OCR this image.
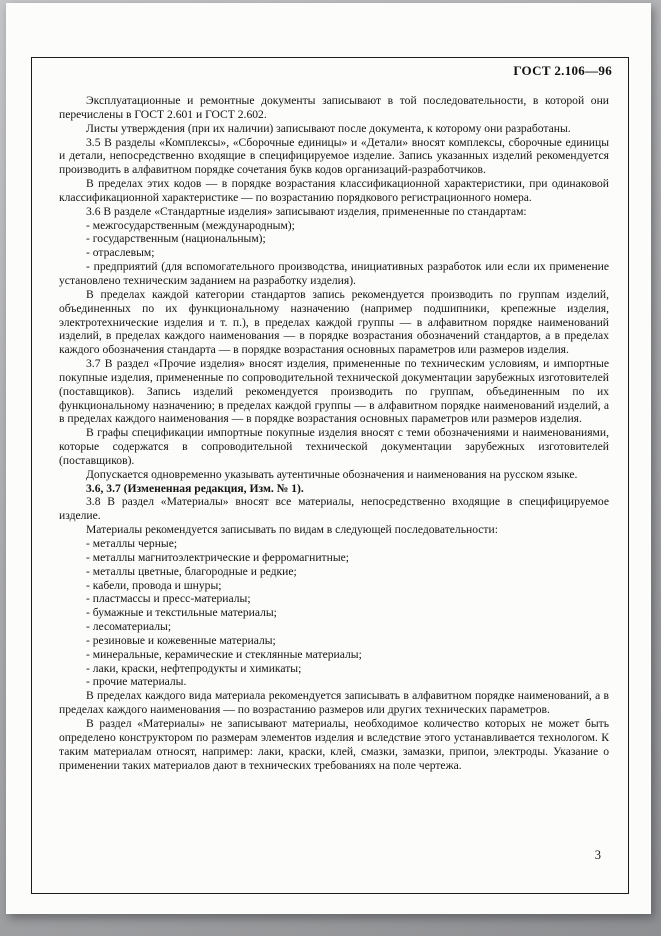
ГОСТ 2.106—96

Эксплуатационные и ремонтные документы записывают в той последовательности, в которой они перечислены в ГОСТ 2.601 и ГОСТ 2.602.

Листы утверждения (при их наличии) записывают после документа, к которому они разработаны.

3.5 В разделы «Комплексы», «Сборочные единицы» и «Детали» вносят комплексы, сборочные единицы и детали, непосредственно входящие в специфицируемое изделие. Запись указанных изделий рекомендуется производить в алфавитном порядке сочетания букв кодов организаций-разработчиков.

В пределах этих кодов — в порядке возрастания классификационной характеристики, при одинаковой классификационной характеристике — по возрастанию порядкового регистрационного номера.

3.6 В разделе «Стандартные изделия» записывают изделия, примененные по стандартам:

- межгосударственным (международным);

- государственным (национальным);

- отраслевым;

- предприятий (для вспомогательного производства, инициативных разработок или если их применение установлено техническим заданием на разработку изделия).

В пределах каждой категории стандартов запись рекомендуется производить по группам изделий, объединенных по их функциональному назначению (например подшипники, крепежные изделия, электротехнические изделия и т. п.), в пределах каждой группы — в алфавитном порядке наименований изделий, в пределах каждого наименования — в порядке возрастания обозначений стандартов, а в пределах каждого обозначения стандарта — в порядке возрастания основных параметров или размеров изделия.

3.7 В раздел «Прочие изделия» вносят изделия, примененные по техническим условиям, и импортные покупные изделия, примененные по сопроводительной технической документации зарубежных изготовителей (поставщиков). Запись изделий рекомендуется производить по группам, объединенным по их функциональному назначению; в пределах каждой группы — в алфавитном порядке наименований изделий, а в пределах каждого наименования — в порядке возрастания основных параметров или размеров изделия.

В графы спецификации импортные покупные изделия вносят с теми обозначениями и наименованиями, которые содержатся в сопроводительной технической документации зарубежных изготовителей (поставщиков).

Допускается одновременно указывать аутентичные обозначения и наименования на русском языке.

3.6, 3.7 (Измененная редакция, Изм. № 1).

3.8 В раздел «Материалы» вносят все материалы, непосредственно входящие в специфицируемое изделие.

Материалы рекомендуется записывать по видам в следующей последовательности:

- металлы черные;

- металлы магнитоэлектрические и ферромагнитные;

- металлы цветные, благородные и редкие;

- кабели, провода и шнуры;

- пластмассы и пресс-материалы;

- бумажные и текстильные материалы;

- лесоматериалы;

- резиновые и кожевенные материалы;

- минеральные, керамические и стеклянные материалы;

- лаки, краски, нефтепродукты и химикаты;

- прочие материалы.

В пределах каждого вида материала рекомендуется записывать в алфавитном порядке наименований, а в пределах каждого наименования — по возрастанию размеров или других технических параметров.

В раздел «Материалы» не записывают материалы, необходимое количество которых не может быть определено конструктором по размерам элементов изделия и вследствие этого устанавливается технологом. К таким материалам относят, например: лаки, краски, клей, смазки, замазки, припои, электроды. Указание о применении таких материалов дают в технических требованиях на поле чертежа.

3
